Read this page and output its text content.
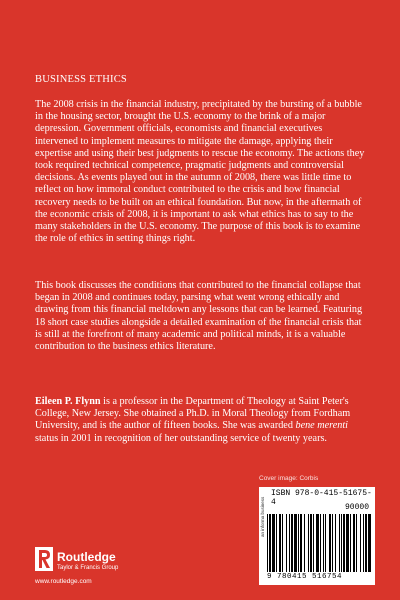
BUSINESS ETHICS

The 2008 crisis in the financial industry, precipitated by the bursting of a bubble in the housing sector, brought the U.S. economy to the brink of a major depression. Government officials, economists and financial executives intervened to implement measures to mitigate the damage, applying their expertise and using their best judgments to rescue the economy. The actions they took required technical competence, pragmatic judgments and controversial decisions. As events played out in the autumn of 2008, there was little time to reflect on how immoral conduct contributed to the crisis and how financial recovery needs to be built on an ethical foundation. But now, in the aftermath of the economic crisis of 2008, it is important to ask what ethics has to say to the many stakeholders in the U.S. economy. The purpose of this book is to examine the role of ethics in setting things right.

This book discusses the conditions that contributed to the financial collapse that began in 2008 and continues today, parsing what went wrong ethically and drawing from this financial meltdown any lessons that can be learned. Featuring 18 short case studies alongside a detailed examination of the financial crisis that is still at the forefront of many academic and political minds, it is a valuable contribution to the business ethics literature.

Eileen P. Flynn is a professor in the Department of Theology at Saint Peter's College, New Jersey. She obtained a Ph.D. in Moral Theology from Fordham University, and is the author of fifteen books. She was awarded bene merenti status in 2001 in recognition of her outstanding service of twenty years.

Cover image: Corbis
an informa business
ISBN 978-0-415-51675-4
90000
9 780415 516754
Routledge
Taylor & Francis Group
www.routledge.com
